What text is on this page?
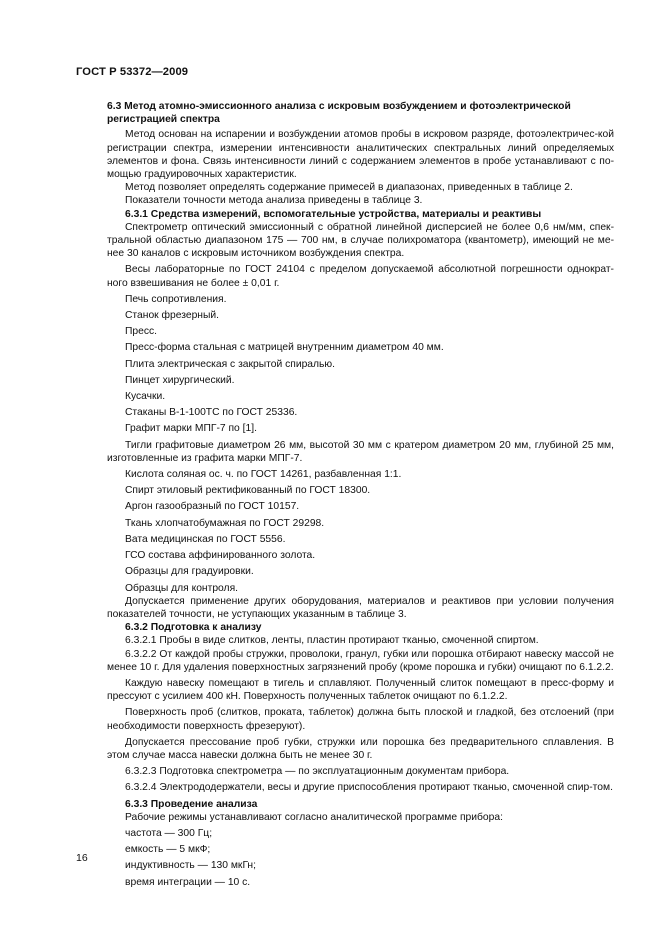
ГОСТ Р 53372—2009

6.3 Метод атомно-эмиссионного анализа с искровым возбуждением и фотоэлектрической регистрацией спектра

Метод основан на испарении и возбуждении атомов пробы в искровом разряде, фотоэлектричес-кой регистрации спектра, измерении интенсивности аналитических спектральных линий определяемых элементов и фона. Связь интенсивности линий с содержанием элементов в пробе устанавливают с по-мощью градуировочных характеристик.

Метод позволяет определять содержание примесей в диапазонах, приведенных в таблице 2.

Показатели точности метода анализа приведены в таблице 3.

6.3.1 Средства измерений, вспомогательные устройства, материалы и реактивы

Спектрометр оптический эмиссионный с обратной линейной дисперсией не более 0,6 нм/мм, спек-тральной областью диапазоном 175 — 700 нм, в случае полихроматора (квантометр), имеющий не ме-нее 30 каналов с искровым источником возбуждения спектра.

Весы лабораторные по ГОСТ 24104 с пределом допускаемой абсолютной погрешности однократ-ного взвешивания не более ± 0,01 г.

Печь сопротивления.

Станок фрезерный.

Пресс.

Пресс-форма стальная с матрицей внутренним диаметром 40 мм.

Плита электрическая с закрытой спиралью.

Пинцет хирургический.

Кусачки.

Стаканы В-1-100ТС по ГОСТ 25336.

Графит марки МПГ-7 по [1].

Тигли графитовые диаметром 26 мм, высотой 30 мм с кратером диаметром 20 мм, глубиной 25 мм, изготовленные из графита марки МПГ-7.

Кислота соляная ос. ч. по ГОСТ 14261, разбавленная 1:1.

Спирт этиловый ректификованный по ГОСТ 18300.

Аргон газообразный по ГОСТ 10157.

Ткань хлопчатобумажная по ГОСТ 29298.

Вата медицинская по ГОСТ 5556.

ГСО состава аффинированного золота.

Образцы для градуировки.

Образцы для контроля.

Допускается применение других оборудования, материалов и реактивов при условии получения показателей точности, не уступающих указанным в таблице 3.

6.3.2 Подготовка к анализу

6.3.2.1 Пробы в виде слитков, ленты, пластин протирают тканью, смоченной спиртом.

6.3.2.2 От каждой пробы стружки, проволоки, гранул, губки или порошка отбирают навеску массой не менее 10 г. Для удаления поверхностных загрязнений пробу (кроме порошка и губки) очищают по 6.1.2.2.

Каждую навеску помещают в тигель и сплавляют. Полученный слиток помещают в пресс-форму и прессуют с усилием 400 кН. Поверхность полученных таблеток очищают по 6.1.2.2.

Поверхность проб (слитков, проката, таблеток) должна быть плоской и гладкой, без отслоений (при необходимости поверхность фрезеруют).

Допускается прессование проб губки, стружки или порошка без предварительного сплавления. В этом случае масса навески должна быть не менее 30 г.

6.3.2.3 Подготовка спектрометра — по эксплуатационным документам прибора.

6.3.2.4 Электрододержатели, весы и другие приспособления протирают тканью, смоченной спир-том.

6.3.3 Проведение анализа

Рабочие режимы устанавливают согласно аналитической программе прибора:

частота — 300 Гц;

емкость — 5 мкФ;

индуктивность — 130 мкГн;

время интеграции — 10 с.

16
